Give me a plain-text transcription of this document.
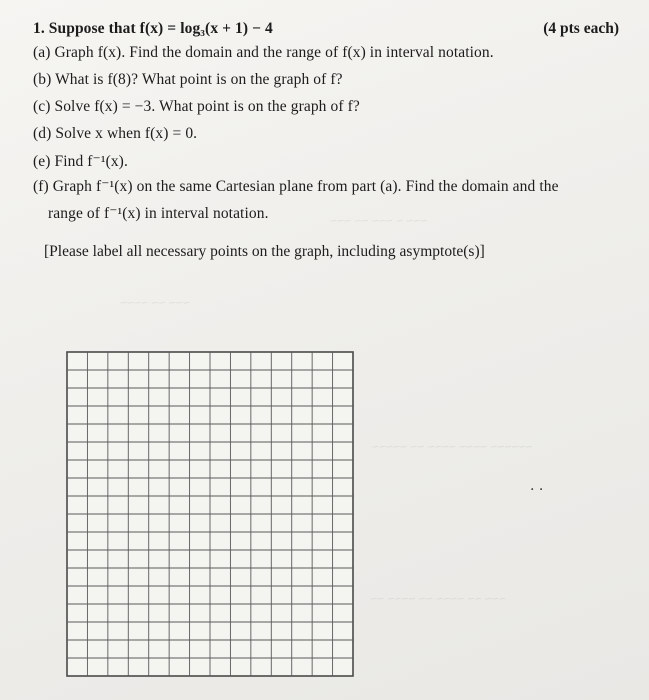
1. Suppose that f(x) = log₃(x + 1) − 4	(4 pts each)
(a) Graph f(x). Find the domain and the range of f(x) in interval notation.
(b) What is f(8)? What point is on the graph of f?
(c) Solve f(x) = −3. What point is on the graph of f?
(d) Solve x when f(x) = 0.
(e) Find f⁻¹(x).
(f) Graph f⁻¹(x) on the same Cartesian plane from part (a). Find the domain and the
range of f⁻¹(x) in interval notation.
[Please label all necessary points on the graph, including asymptote(s)]
~~~ ~ ~~~ ~~ ~~~
~~~ ~~ ~~~~
~~~~~~ ~~~~ ~~~~ ~~ ~~~~~
~~~ ~~ ~~~~ ~~ ~~~~ ~~
. .
